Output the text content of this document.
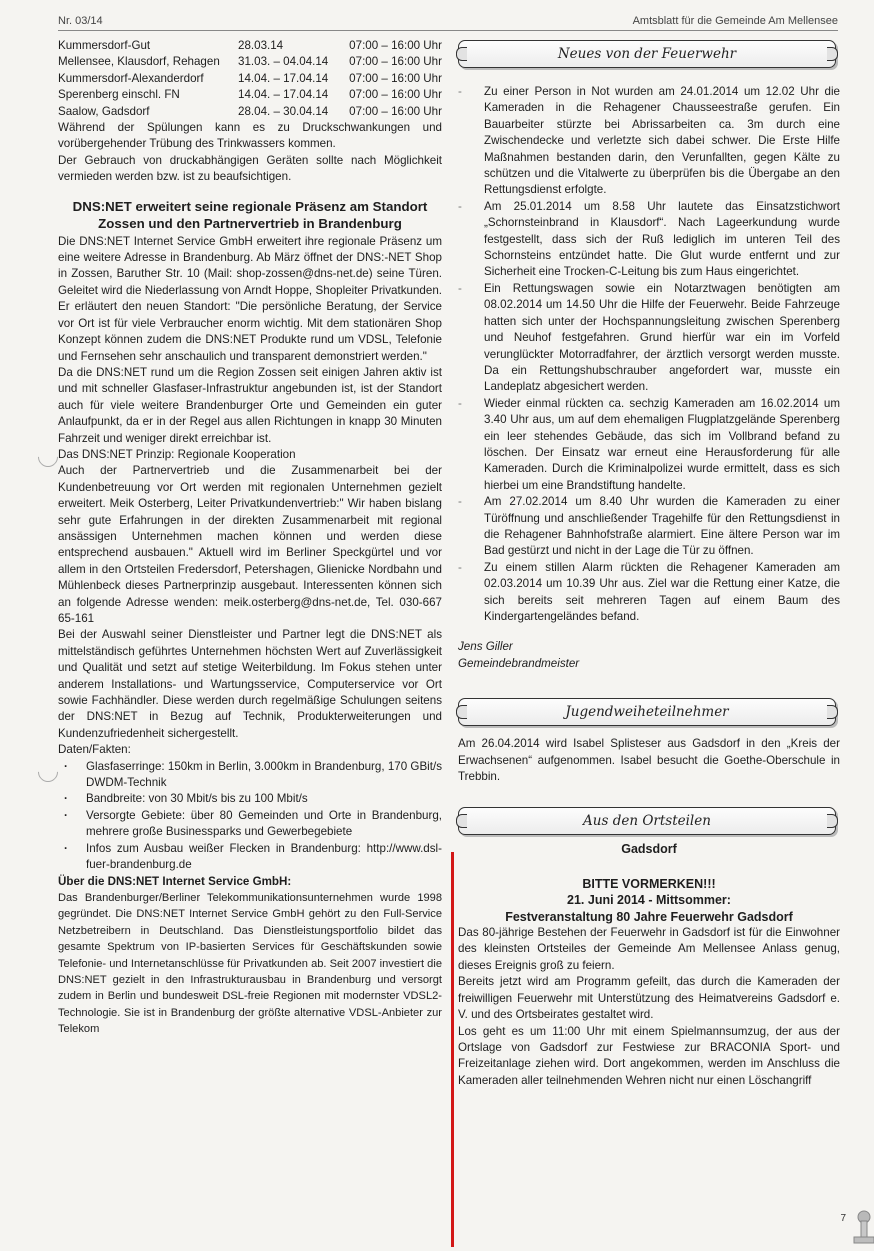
Nr. 03/14	Amtsblatt für die Gemeinde Am Mellensee
Kummersdorf-Gut	28.03.14	07:00 – 16:00 Uhr
Mellensee, Klausdorf, Rehagen	31.03. – 04.04.14	07:00 – 16:00 Uhr
Kummersdorf-Alexanderdorf	14.04. – 17.04.14	07:00 – 16:00 Uhr
Sperenberg einschl. FN	14.04. – 17.04.14	07:00 – 16:00 Uhr
Saalow, Gadsdorf	28.04. – 30.04.14	07:00 – 16:00 Uhr

Während der Spülungen kann es zu Druckschwankungen und vorübergehender Trübung des Trinkwassers kommen.

Der Gebrauch von druckabhängigen Geräten sollte nach Möglichkeit vermieden werden bzw. ist zu beaufsichtigen.

DNS:NET erweitert seine regionale Präsenz am Standort Zossen und den Partnervertrieb in Brandenburg

Die DNS:NET Internet Service GmbH erweitert ihre regionale Präsenz um eine weitere Adresse in Brandenburg. Ab März öffnet der DNS:-NET Shop in Zossen, Baruther Str. 10 (Mail: shop-zossen@dns-net.de) seine Türen. Geleitet wird die Niederlassung von Arndt Hoppe, Shopleiter Privatkunden. Er erläutert den neuen Standort: "Die persönliche Beratung, der Service vor Ort ist für viele Verbraucher enorm wichtig. Mit dem stationären Shop Konzept können zudem die DNS:NET Produkte rund um VDSL, Telefonie und Fernsehen sehr anschaulich und transparent demonstriert werden."

Da die DNS:NET rund um die Region Zossen seit einigen Jahren aktiv ist und mit schneller Glasfaser-Infrastruktur angebunden ist, ist der Standort auch für viele weitere Brandenburger Orte und Gemeinden ein guter Anlaufpunkt, da er in der Regel aus allen Richtungen in knapp 30 Minuten Fahrzeit und weniger direkt erreichbar ist.

Das DNS:NET Prinzip: Regionale Kooperation

Auch der Partnervertrieb und die Zusammenarbeit bei der Kundenbetreuung vor Ort werden mit regionalen Unternehmen gezielt erweitert. Meik Osterberg, Leiter Privatkundenvertrieb:" Wir haben bislang sehr gute Erfahrungen in der direkten Zusammenarbeit mit regional ansässigen Unternehmen machen können und werden diese entsprechend ausbauen." Aktuell wird im Berliner Speckgürtel und vor allem in den Ortsteilen Fredersdorf, Petershagen, Glienicke Nordbahn und Mühlenbeck dieses Partnerprinzip ausgebaut. Interessenten können sich an folgende Adresse wenden: meik.osterberg@dns-net.de, Tel. 030-667 65-161

Bei der Auswahl seiner Dienstleister und Partner legt die DNS:NET als mittelständisch geführtes Unternehmen höchsten Wert auf Zuverlässigkeit und Qualität und setzt auf stetige Weiterbildung. Im Fokus stehen unter anderem Installations- und Wartungsservice, Computerservice vor Ort sowie Fachhändler. Diese werden durch regelmäßige Schulungen seitens der DNS:NET in Bezug auf Technik, Produkterweiterungen und Kundenzufriedenheit sichergestellt.

Daten/Fakten:

· Glasfaserringe: 150km in Berlin, 3.000km in Brandenburg, 170 GBit/s DWDM-Technik
· Bandbreite: von 30 Mbit/s bis zu 100 Mbit/s
· Versorgte Gebiete: über 80 Gemeinden und Orte in Brandenburg, mehrere große Businessparks und Gewerbegebiete
· Infos zum Ausbau weißer Flecken in Brandenburg: http://www.dsl-fuer-brandenburg.de

Über die DNS:NET Internet Service GmbH:

Das Brandenburger/Berliner Telekommunikationsunternehmen wurde 1998 gegründet. Die DNS:NET Internet Service GmbH gehört zu den Full-Service Netzbetreibern in Deutschland. Das Dienstleistungsportfolio bildet das gesamte Spektrum von IP-basierten Services für Geschäftskunden sowie Telefonie- und Internetanschlüsse für Privatkunden ab. Seit 2007 investiert die DNS:NET gezielt in den Infrastrukturausbau in Brandenburg und versorgt zudem in Berlin und bundesweit DSL-freie Regionen mit modernster VDSL2-Technologie. Sie ist in Brandenburg der größte alternative VDSL-Anbieter zur Telekom

Neues von der Feuerwehr
- Zu einer Person in Not wurden am 24.01.2014 um 12.02 Uhr die Kameraden in die Rehagener Chausseestraße gerufen. Ein Bauarbeiter stürzte bei Abrissarbeiten ca. 3m durch eine Zwischendecke und verletzte sich dabei schwer. Die Erste Hilfe Maßnahmen bestanden darin, den Verunfallten, gegen Kälte zu schützen und die Vitalwerte zu überprüfen bis die Übergabe an den Rettungsdienst erfolgte.
- Am 25.01.2014 um 8.58 Uhr lautete das Einsatzstichwort „Schornsteinbrand in Klausdorf“. Nach Lageerkundung wurde festgestellt, dass sich der Ruß lediglich im unteren Teil des Schornsteins entzündet hatte. Die Glut wurde entfernt und zur Sicherheit eine Trocken-C-Leitung bis zum Haus eingerichtet.
- Ein Rettungswagen sowie ein Notarztwagen benötigten am 08.02.2014 um 14.50 Uhr die Hilfe der Feuerwehr. Beide Fahrzeuge hatten sich unter der Hochspannungsleitung zwischen Sperenberg und Neuhof festgefahren. Grund hierfür war ein im Vorfeld verunglückter Motorradfahrer, der ärztlich versorgt werden musste. Da ein Rettungshubschrauber angefordert war, musste ein Landeplatz abgesichert werden.
- Wieder einmal rückten ca. sechzig Kameraden am 16.02.2014 um 3.40 Uhr aus, um auf dem ehemaligen Flugplatzgelände Sperenberg ein leer stehendes Gebäude, das sich im Vollbrand befand zu löschen. Der Einsatz war erneut eine Herausforderung für alle Kameraden. Durch die Kriminalpolizei wurde ermittelt, dass es sich hierbei um eine Brandstiftung handelte.
- Am 27.02.2014 um 8.40 Uhr wurden die Kameraden zu einer Türöffnung und anschließender Tragehilfe für den Rettungsdienst in die Rehagener Bahnhofstraße alarmiert. Eine ältere Person war im Bad gestürzt und nicht in der Lage die Tür zu öffnen.
- Zu einem stillen Alarm rückten die Rehagener Kameraden am 02.03.2014 um 10.39 Uhr aus. Ziel war die Rettung einer Katze, die sich bereits seit mehreren Tagen auf einem Baum des Kindergartengeländes befand.
Jens Giller
Gemeindebrandmeister
Jugendweiheteilnehmer

Am 26.04.2014 wird Isabel Splisteser aus Gadsdorf in den „Kreis der Erwachsenen“ aufgenommen. Isabel besucht die Goethe-Oberschule in Trebbin.

Aus den Ortsteilen
Gadsdorf
BITTE VORMERKEN!!!
21. Juni 2014 - Mittsommer:
Festveranstaltung 80 Jahre Feuerwehr Gadsdorf

Das 80-jährige Bestehen der Feuerwehr in Gadsdorf ist für die Einwohner des kleinsten Ortsteiles der Gemeinde Am Mellensee Anlass genug, dieses Ereignis groß zu feiern.

Bereits jetzt wird am Programm gefeilt, das durch die Kameraden der freiwilligen Feuerwehr mit Unterstützung des Heimatvereins Gadsdorf e. V. und des Ortsbeirates gestaltet wird.

Los geht es um 11:00 Uhr mit einem Spielmannsumzug, der aus der Ortslage von Gadsdorf zur Festwiese zur BRACONIA Sport- und Freizeitanlage ziehen wird. Dort angekommen, werden im Anschluss die Kameraden aller teilnehmenden Wehren nicht nur einen Löschangriff

7
